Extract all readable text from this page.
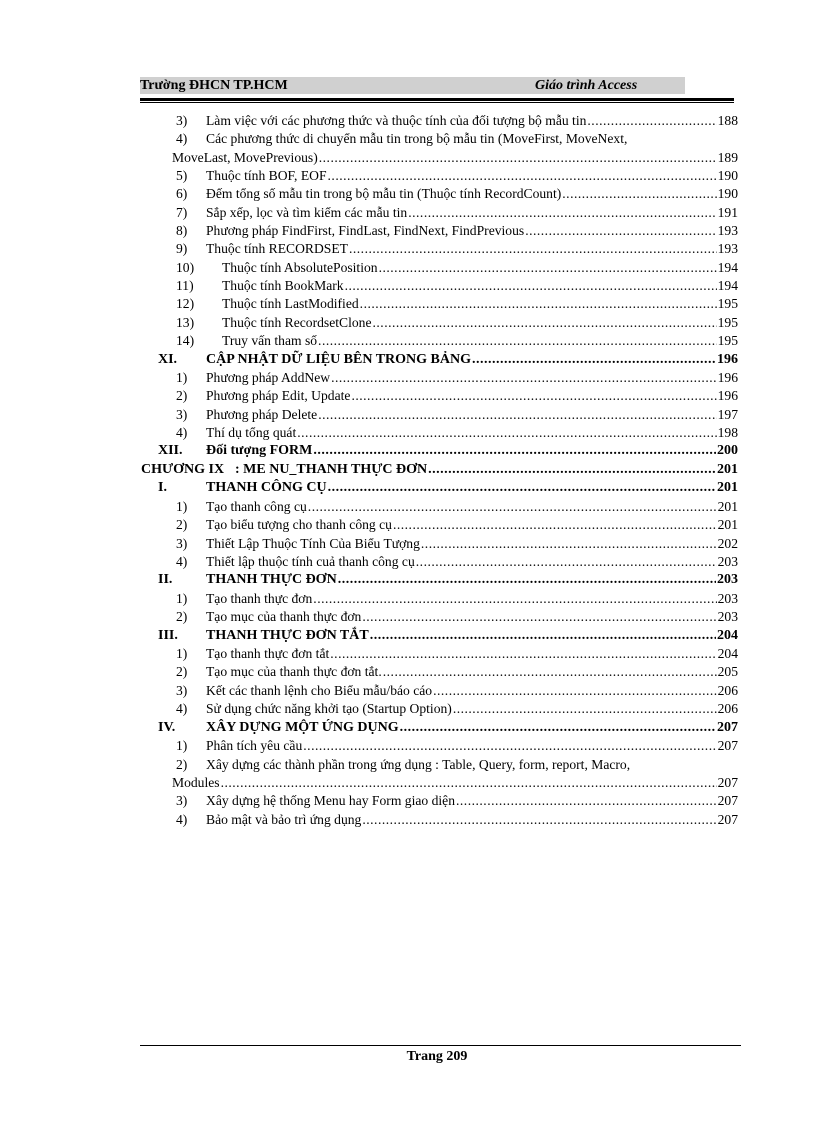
Trường ĐHCN TP.HCM	Giáo trình Access
3)	Làm việc với các phương thức và thuộc tính của đối tượng bộ mẫu tin .....	188
4) Các phương thức di chuyển mẫu tin trong bộ mẫu tin (MoveFirst, MoveNext,
MoveLast, MovePrevious) .....	189
5)	Thuộc tính BOF, EOF .....	190
6)	Đếm tổng số mẫu tin trong bộ mẫu tin (Thuộc tính RecordCount) .....	190
7)	Sắp xếp, lọc và tìm kiếm các mẫu tin .....	191
8)	Phương pháp FindFirst, FindLast, FindNext, FindPrevious .....	193
9)	Thuộc tính RECORDSET .....	193
10)	Thuộc tính AbsolutePosition .....	194
11)	Thuộc tính BookMark .....	194
12)	Thuộc tính LastModified .....	195
13)	Thuộc tính RecordsetClone .....	195
14)	Truy vấn tham số .....	195
XI.	CẬP NHẬT DỮ LIỆU BÊN TRONG BẢNG .....	196
1)	Phương pháp AddNew .....	196
2)	Phương pháp Edit, Update .....	196
3)	Phương pháp Delete .....	197
4)	Thí dụ tổng quát .....	198
XII.	Đối tượng FORM .....	200
CHƯƠNG IX : ME NU_THANH THỰC ĐƠN .....	201
I.	THANH CÔNG CỤ .....	201
1)	Tạo thanh công cụ .....	201
2)	Tạo biểu tượng cho thanh công cụ .....	201
3)	Thiết Lập Thuộc Tính Của Biểu Tượng .....	202
4)	Thiết lập thuộc tính cuả thanh công cụ .....	203
II.	THANH THỰC ĐƠN .....	203
1)	Tạo thanh thực đơn .....	203
2)	Tạo mục của thanh thực đơn .....	203
III.	THANH THỰC ĐƠN TẮT .....	204
1)	Tạo thanh thực đơn tắt .....	204
2)	Tạo mục của thanh thực đơn tắt. .....	205
3)	Kết các thanh lệnh cho Biểu mẫu/báo cáo .....	206
4)	Sử dụng chức năng khởi tạo (Startup Option) .....	206
IV.	XÂY DỰNG MỘT ỨNG DỤNG .....	207
1)	Phân tích yêu cầu .....	207
2) Xây dựng các thành phần trong ứng dụng : Table, Query, form, report, Macro,
Modules .....	207
3)	Xây dựng hệ thống Menu hay Form giao diện .....	207
4)	Bảo mật và bảo trì ứng dụng .....	207
Trang 209
